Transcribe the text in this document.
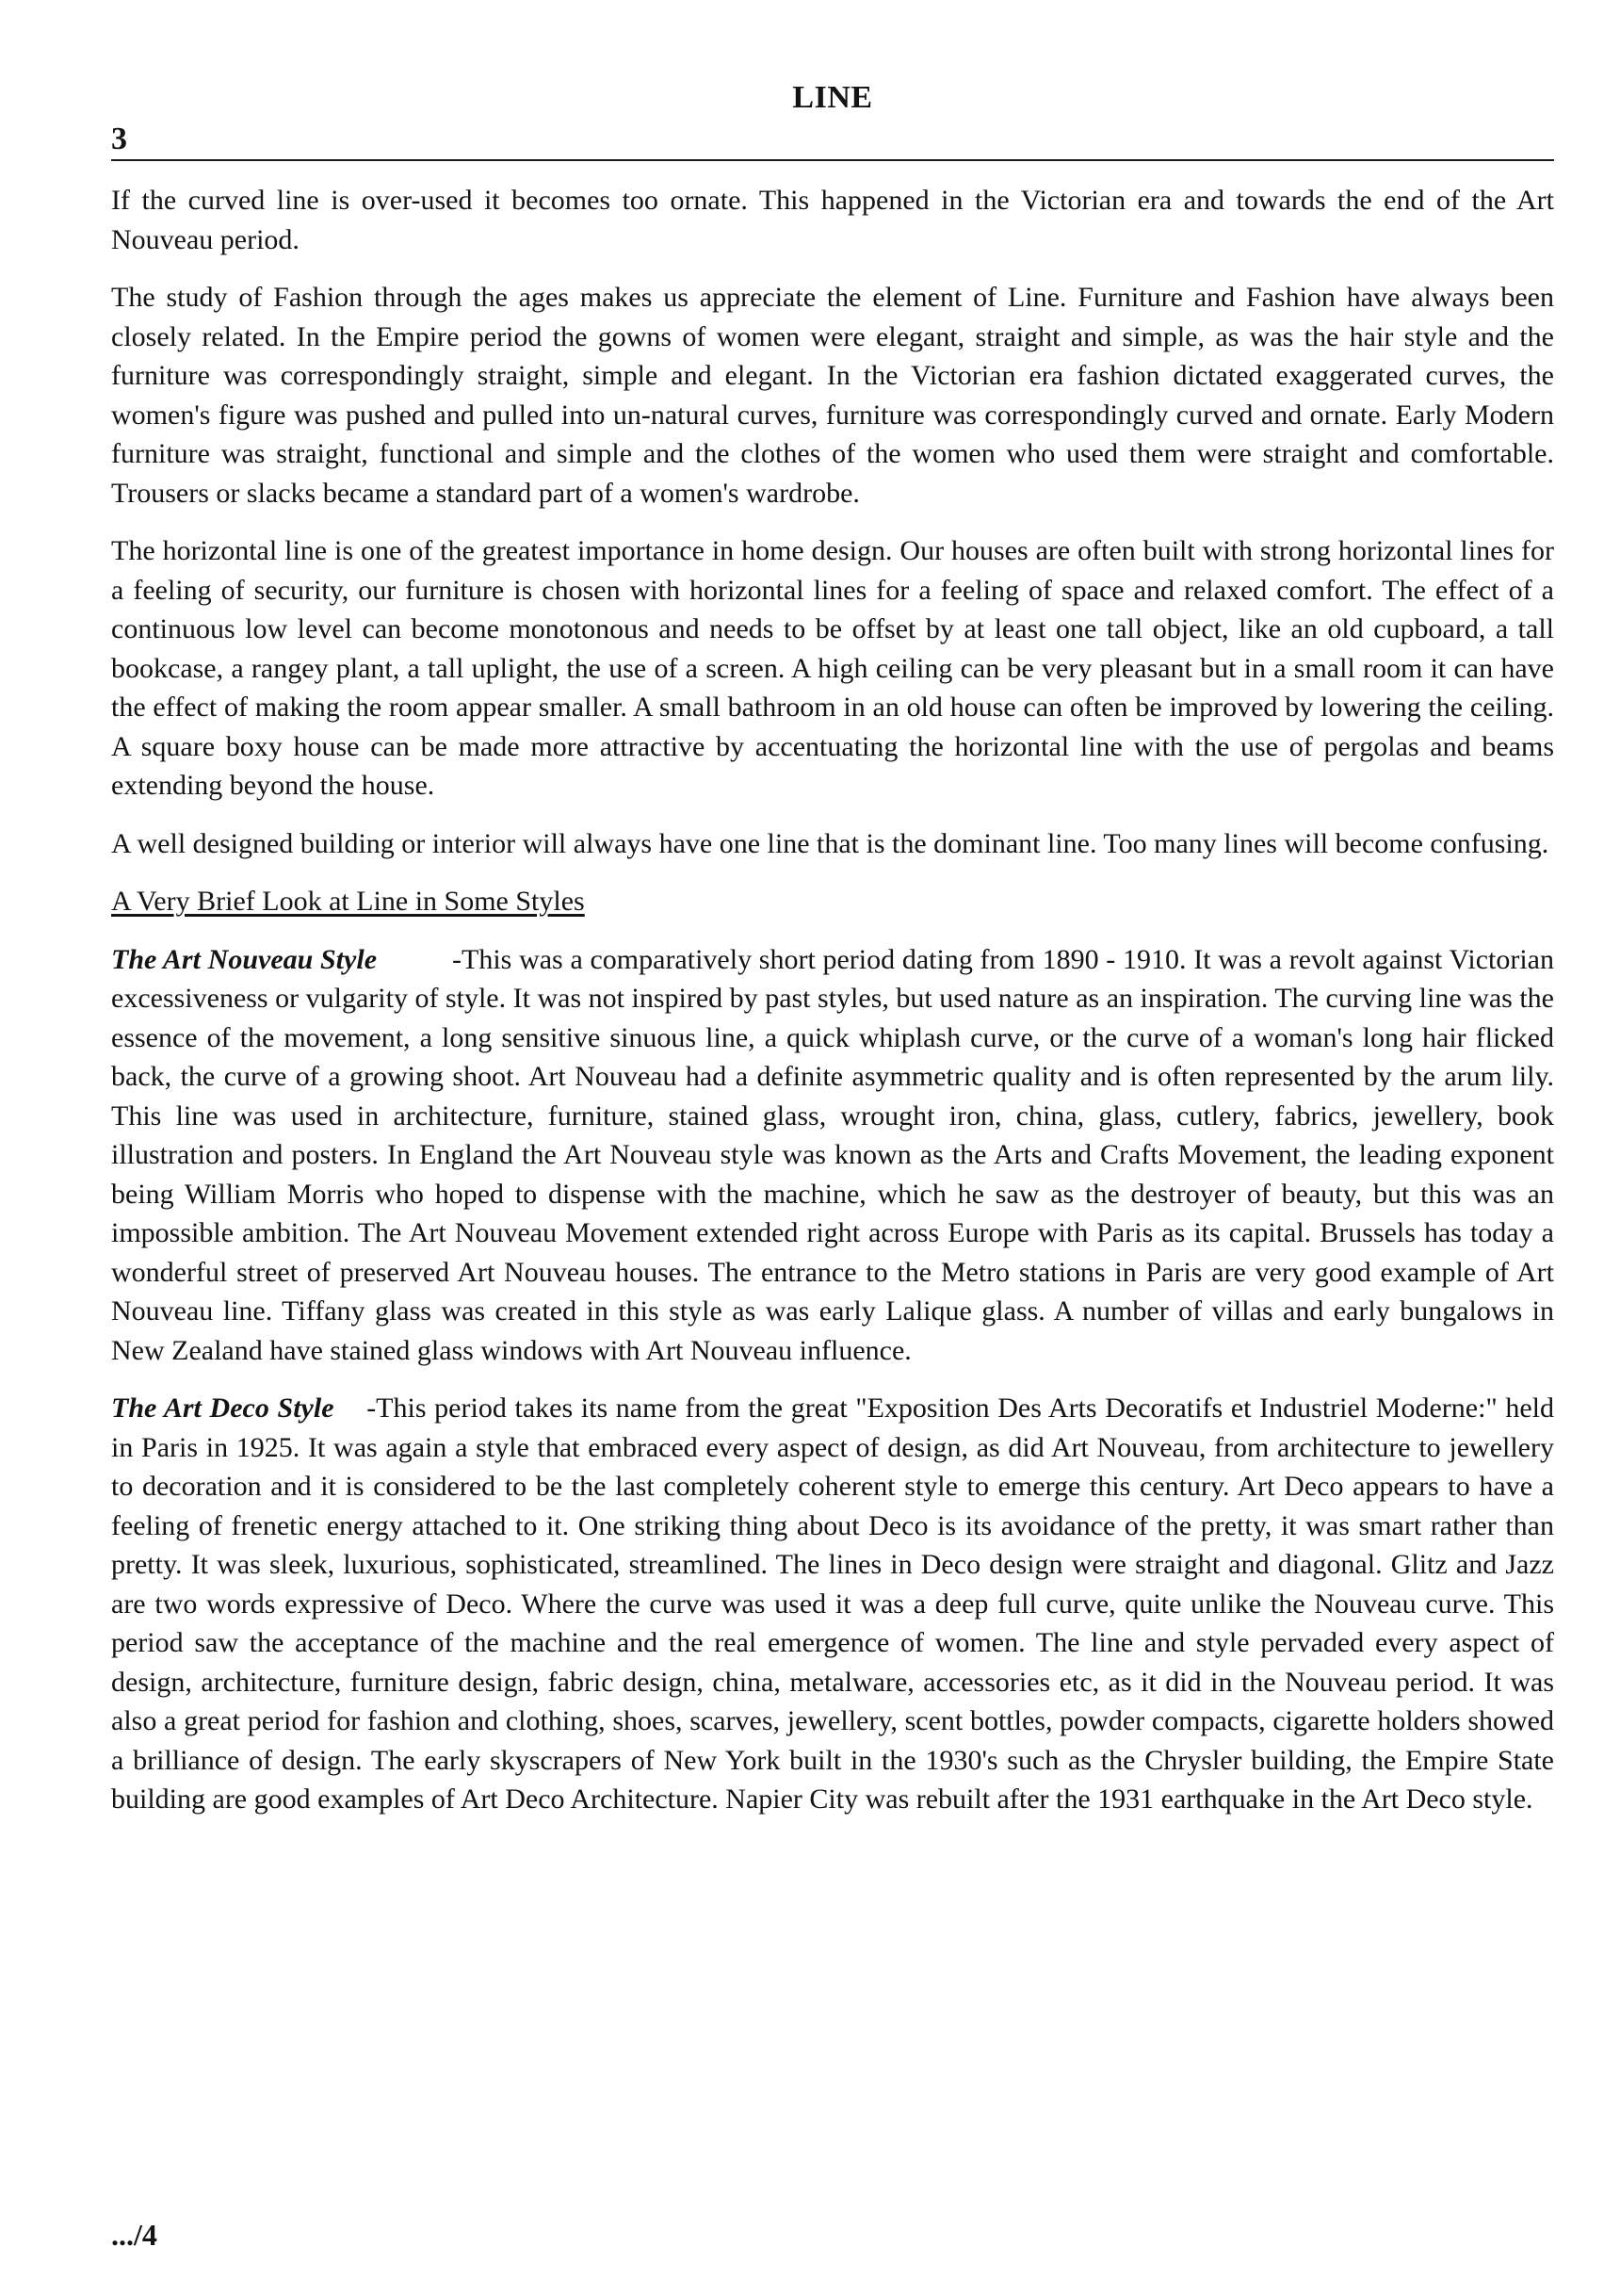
LINE
3

If the curved line is over-used it becomes too ornate. This happened in the Victorian era and towards the end of the Art Nouveau period.

The study of Fashion through the ages makes us appreciate the element of Line. Furniture and Fashion have always been closely related. In the Empire period the gowns of women were elegant, straight and simple, as was the hair style and the furniture was correspondingly straight, simple and elegant. In the Victorian era fashion dictated exaggerated curves, the women's figure was pushed and pulled into un-natural curves, furniture was correspondingly curved and ornate. Early Modern furniture was straight, functional and simple and the clothes of the women who used them were straight and comfortable. Trousers or slacks became a standard part of a women's wardrobe.

The horizontal line is one of the greatest importance in home design. Our houses are often built with strong horizontal lines for a feeling of security, our furniture is chosen with horizontal lines for a feeling of space and relaxed comfort. The effect of a continuous low level can become monotonous and needs to be offset by at least one tall object, like an old cupboard, a tall bookcase, a rangey plant, a tall uplight, the use of a screen. A high ceiling can be very pleasant but in a small room it can have the effect of making the room appear smaller. A small bathroom in an old house can often be improved by lowering the ceiling. A square boxy house can be made more attractive by accentuating the horizontal line with the use of pergolas and beams extending beyond the house.

A well designed building or interior will always have one line that is the dominant line. Too many lines will become confusing.

A Very Brief Look at Line in Some Styles

The Art Nouveau Style	-This was a comparatively short period dating from 1890 - 1910. It was a revolt against Victorian excessiveness or vulgarity of style. It was not inspired by past styles, but used nature as an inspiration. The curving line was the essence of the movement, a long sensitive sinuous line, a quick whiplash curve, or the curve of a woman's long hair flicked back, the curve of a growing shoot. Art Nouveau had a definite asymmetric quality and is often represented by the arum lily. This line was used in architecture, furniture, stained glass, wrought iron, china, glass, cutlery, fabrics, jewellery, book illustration and posters. In England the Art Nouveau style was known as the Arts and Crafts Movement, the leading exponent being William Morris who hoped to dispense with the machine, which he saw as the destroyer of beauty, but this was an impossible ambition. The Art Nouveau Movement extended right across Europe with Paris as its capital. Brussels has today a wonderful street of preserved Art Nouveau houses. The entrance to the Metro stations in Paris are very good example of Art Nouveau line. Tiffany glass was created in this style as was early Lalique glass. A number of villas and early bungalows in New Zealand have stained glass windows with Art Nouveau influence.

The Art Deco Style -This period takes its name from the great "Exposition Des Arts Decoratifs et Industriel Moderne:" held in Paris in 1925. It was again a style that embraced every aspect of design, as did Art Nouveau, from architecture to jewellery to decoration and it is considered to be the last completely coherent style to emerge this century. Art Deco appears to have a feeling of frenetic energy attached to it. One striking thing about Deco is its avoidance of the pretty, it was smart rather than pretty. It was sleek, luxurious, sophisticated, streamlined. The lines in Deco design were straight and diagonal. Glitz and Jazz are two words expressive of Deco. Where the curve was used it was a deep full curve, quite unlike the Nouveau curve. This period saw the acceptance of the machine and the real emergence of women. The line and style pervaded every aspect of design, architecture, furniture design, fabric design, china, metalware, accessories etc, as it did in the Nouveau period. It was also a great period for fashion and clothing, shoes, scarves, jewellery, scent bottles, powder compacts, cigarette holders showed a brilliance of design. The early skyscrapers of New York built in the 1930's such as the Chrysler building, the Empire State building are good examples of Art Deco Architecture. Napier City was rebuilt after the 1931 earthquake in the Art Deco style.

.../4
